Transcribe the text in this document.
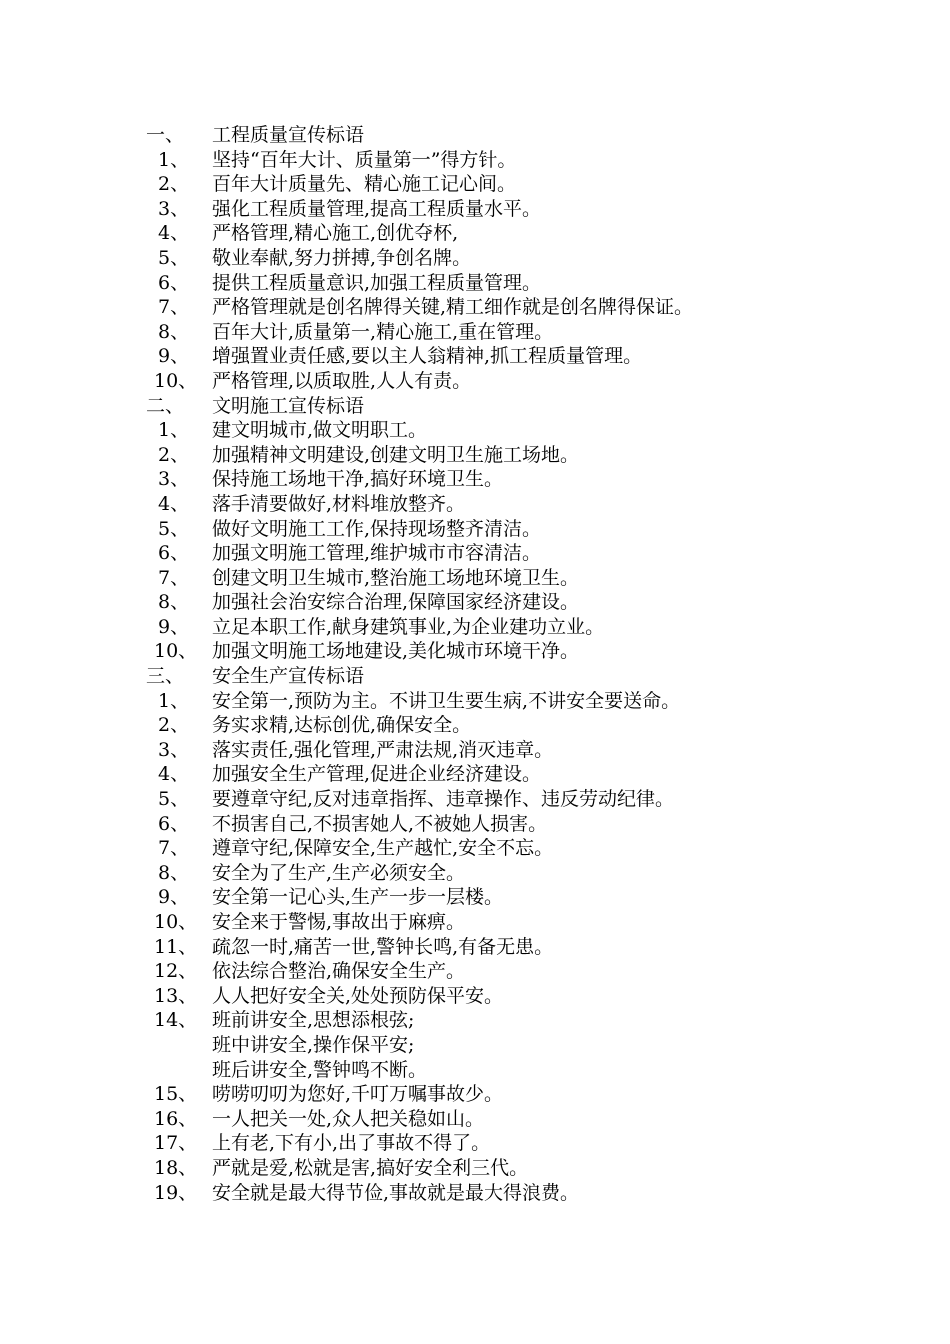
一、 工程质量宣传标语
1、 坚持“百年大计、质量第一”得方针。
2、 百年大计质量先、精心施工记心间。
3、 强化工程质量管理,提高工程质量水平。
4、 严格管理,精心施工,创优夺杯,
5、 敬业奉献,努力拼搏,争创名牌。
6、 提供工程质量意识,加强工程质量管理。
7、 严格管理就是创名牌得关键,精工细作就是创名牌得保证。
8、 百年大计,质量第一,精心施工,重在管理。
9、 增强置业责任感,要以主人翁精神,抓工程质量管理。
10、 严格管理,以质取胜,人人有责。
二、 文明施工宣传标语
1、 建文明城市,做文明职工。
2、 加强精神文明建设,创建文明卫生施工场地。
3、 保持施工场地干净,搞好环境卫生。
4、 落手清要做好,材料堆放整齐。
5、 做好文明施工工作,保持现场整齐清洁。
6、 加强文明施工管理,维护城市市容清洁。
7、 创建文明卫生城市,整治施工场地环境卫生。
8、 加强社会治安综合治理,保障国家经济建设。
9、 立足本职工作,献身建筑事业,为企业建功立业。
10、 加强文明施工场地建设,美化城市环境干净。
三、 安全生产宣传标语
1、 安全第一,预防为主。不讲卫生要生病,不讲安全要送命。
2、 务实求精,达标创优,确保安全。
3、 落实责任,强化管理,严肃法规,消灭违章。
4、 加强安全生产管理,促进企业经济建设。
5、 要遵章守纪,反对违章指挥、违章操作、违反劳动纪律。
6、 不损害自己,不损害她人,不被她人损害。
7、 遵章守纪,保障安全,生产越忙,安全不忘。
8、 安全为了生产,生产必须安全。
9、 安全第一记心头,生产一步一层楼。
10、 安全来于警惕,事故出于麻痹。
11、 疏忽一时,痛苦一世,警钟长鸣,有备无患。
12、 依法综合整治,确保安全生产。
13、 人人把好安全关,处处预防保平安。
14、 班前讲安全,思想添根弦;
班中讲安全,操作保平安;
班后讲安全,警钟鸣不断。
15、 唠唠叨叨为您好,千叮万嘱事故少。
16、 一人把关一处,众人把关稳如山。
17、 上有老,下有小,出了事故不得了。
18、 严就是爱,松就是害,搞好安全利三代。
19、 安全就是最大得节俭,事故就是最大得浪费。
